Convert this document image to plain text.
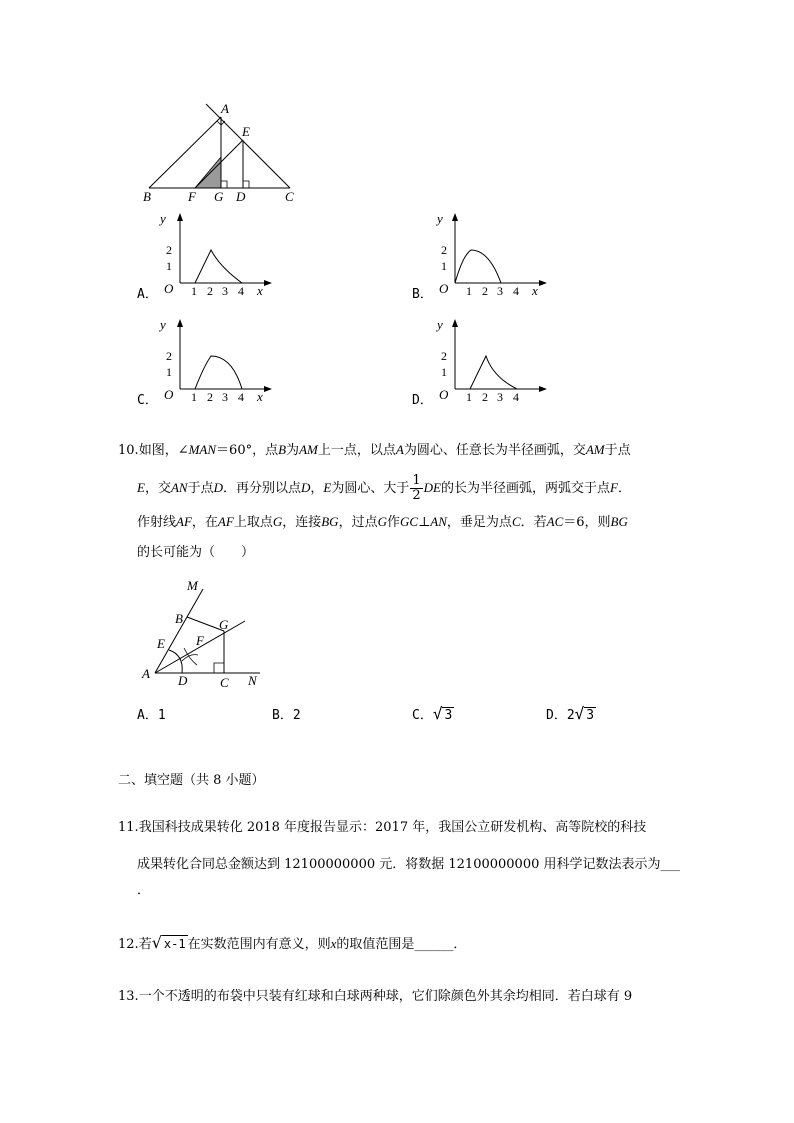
A
E
B	F G D	C
A．
y
x
O
2
1
1 2 3 4	B．
y
x
O
2
1
1 2 3 4
C．
y
x
O
2
1
1 2 3 4	D．
y
O
2
1
1 2 3 4
10.如图，∠MAN＝60°，点B为AM上一点，以点A为圆心、任意长为半径画弧，交AM于点
E，交AN于点D．再分别以点D，E为圆心、大于 $\frac{1}{2}$ DE的长为半径画弧，两弧交于点F．
作射线AF，在AF上取点G，连接BG，过点G作GC⊥AN，垂足为点C．若AC＝6，则BG
的长可能为（　　）
M
B	G
E F
A D	C N
A．1	B．2	C．√ 3	D．2√ 3
二、填空题（共 8 小题）
11.我国科技成果转化 2018 年度报告显示：2017 年，我国公立研发机构、高等院校的科技
成果转化合同总金额达到 12100000000 元．将数据 12100000000 用科学记数法表示为___
．
12.若√ x-1 在实数范围内有意义，则x的取值范围是______．
13.一个不透明的布袋中只装有红球和白球两种球，它们除颜色外其余均相同．若白球有 9
